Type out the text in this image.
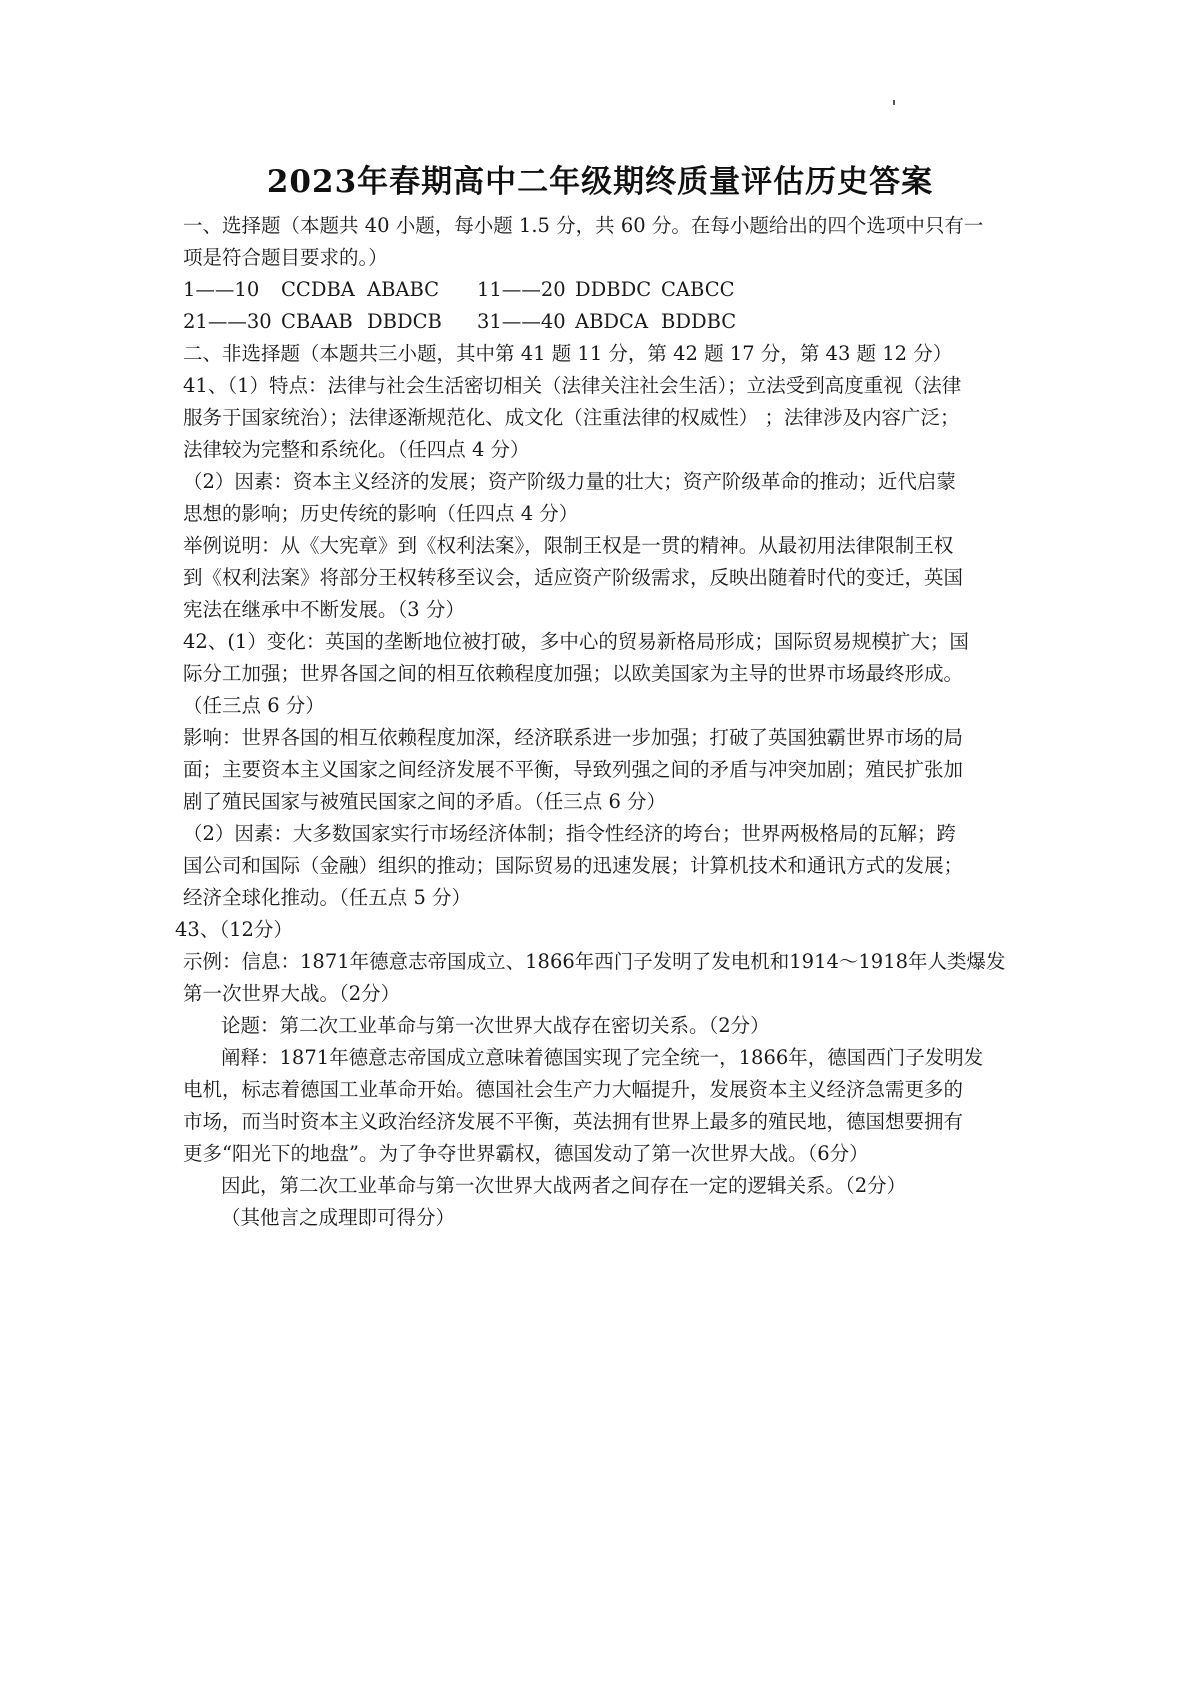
2023年春期高中二年级期终质量评估历史答案
一、选择题（本题共 40 小题，每小题 1.5 分，共 60 分。在每小题给出的四个选项中只有一
项是符合题目要求的。）
1——10 CCDBA ABABC 11——20 DDBDC CABCC
21——30 CBAAB DBDCB 31——40 ABDCA BDDBC
二、非选择题（本题共三小题，其中第 41 题 11 分，第 42 题 17 分，第 43 题 12 分）
41、（1）特点：法律与社会生活密切相关（法律关注社会生活）；立法受到高度重视（法律
服务于国家统治）；法律逐渐规范化、成文化（注重法律的权威性） ；法律涉及内容广泛；
法律较为完整和系统化。（任四点 4 分）
（2）因素：资本主义经济的发展；资产阶级力量的壮大；资产阶级革命的推动；近代启蒙
思想的影响；历史传统的影响（任四点 4 分）
举例说明：从《大宪章》到《权利法案》，限制王权是一贯的精神。从最初用法律限制王权
到《权利法案》将部分王权转移至议会，适应资产阶级需求，反映出随着时代的变迁，英国
宪法在继承中不断发展。（3 分）
42、(1）变化：英国的垄断地位被打破，多中心的贸易新格局形成；国际贸易规模扩大；国
际分工加强；世界各国之间的相互依赖程度加强；以欧美国家为主导的世界市场最终形成。
（任三点 6 分）
影响：世界各国的相互依赖程度加深，经济联系进一步加强；打破了英国独霸世界市场的局
面；主要资本主义国家之间经济发展不平衡，导致列强之间的矛盾与冲突加剧；殖民扩张加
剧了殖民国家与被殖民国家之间的矛盾。（任三点 6 分）
（2）因素：大多数国家实行市场经济体制；指令性经济的垮台；世界两极格局的瓦解；跨
国公司和国际（金融）组织的推动；国际贸易的迅速发展；计算机技术和通讯方式的发展；
经济全球化推动。（任五点 5 分）
43、（12分）
示例：信息：1871年德意志帝国成立、1866年西门子发明了发电机和1914～1918年人类爆发
第一次世界大战。（2分）
论题：第二次工业革命与第一次世界大战存在密切关系。（2分）
阐释：1871年德意志帝国成立意味着德国实现了完全统一，1866年，德国西门子发明发
电机，标志着德国工业革命开始。德国社会生产力大幅提升，发展资本主义经济急需更多的
市场，而当时资本主义政治经济发展不平衡，英法拥有世界上最多的殖民地，德国想要拥有
更多“阳光下的地盘”。为了争夺世界霸权，德国发动了第一次世界大战。（6分）
因此，第二次工业革命与第一次世界大战两者之间存在一定的逻辑关系。（2分）
（其他言之成理即可得分）
